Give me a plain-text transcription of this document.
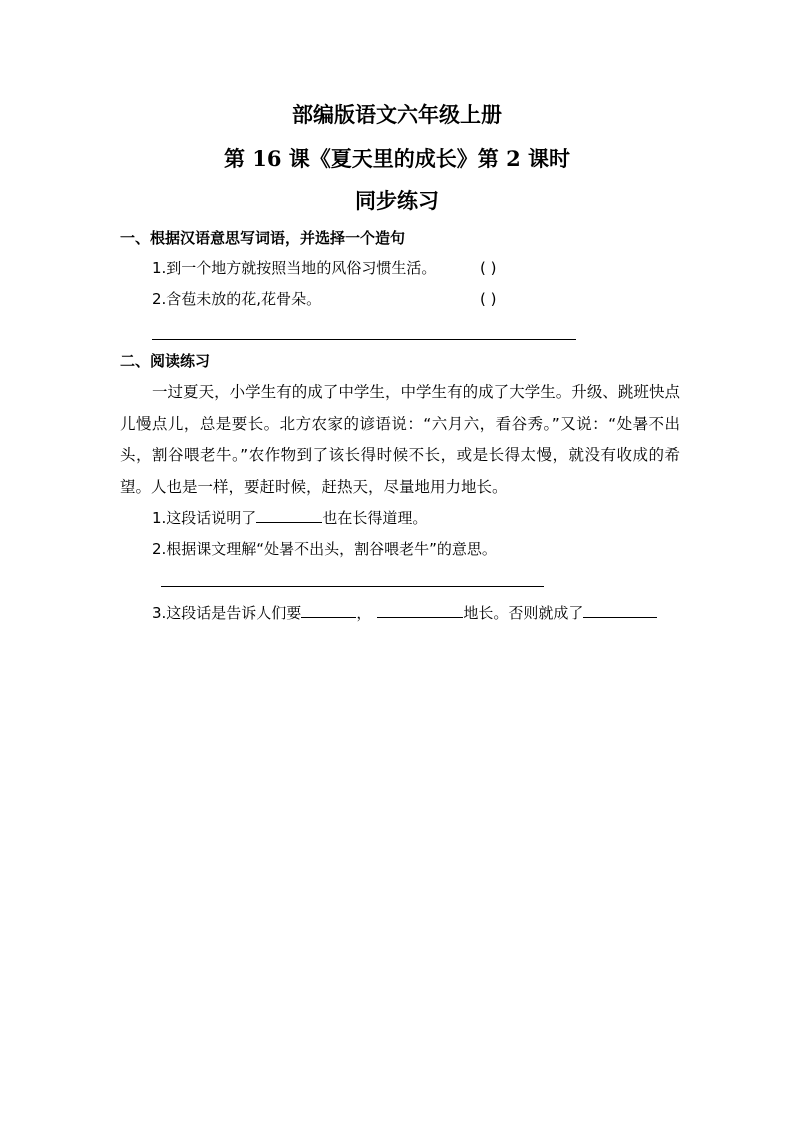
部编版语文六年级上册
第 16 课《夏天里的成长》第 2 课时
同步练习
一、根据汉语意思写词语，并选择一个造句
1.到一个地方就按照当地的风俗习惯生活。	( )
2.含苞未放的花,花骨朵。	( )
二、阅读练习

一过夏天，小学生有的成了中学生，中学生有的成了大学生。升级、跳班快点儿慢点儿，总是要长。北方农家的谚语说：“六月六，看谷秀。”又说：“处暑不出头，割谷喂老牛。”农作物到了该长得时候不长，或是长得太慢，就没有收成的希望。人也是一样，要赶时候，赶热天，尽量地用力地长。

1.这段话说明了	也在长得道理。
2.根据课文理解“处暑不出头，割谷喂老牛”的意思。
3.这段话是告诉人们要	，	地长。否则就成了
